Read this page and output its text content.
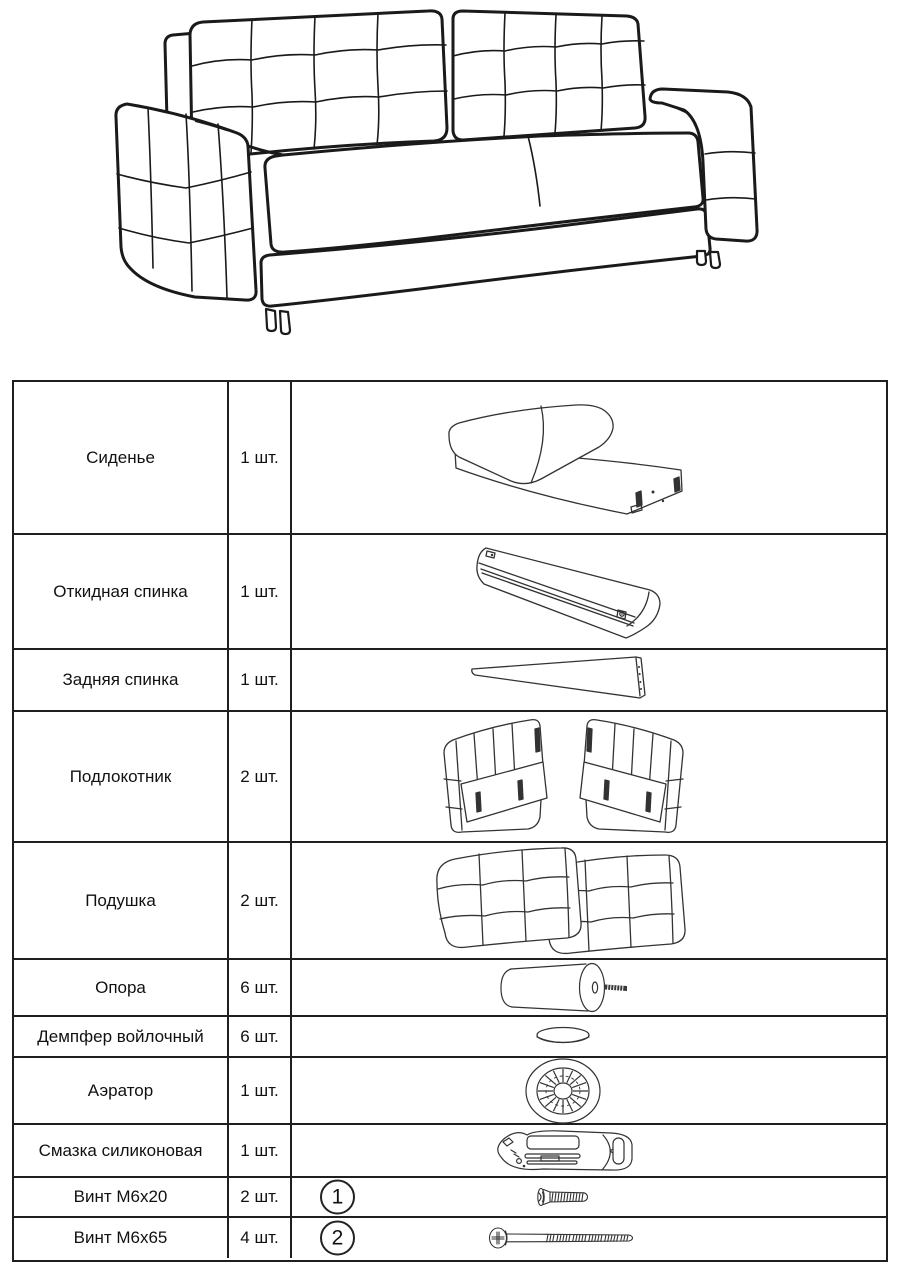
Сиденье	1 шт.
Откидная спинка	1 шт.
Задняя спинка	1 шт.
Подлокотник	2 шт.
Подушка	2 шт.
Опора	6 шт.
Демпфер войлочный	6 шт.
Аэратор	1 шт.
Смазка силиконовая	1 шт.
Винт M6x20	2 шт.	1
Винт M6x65	4 шт.	2
